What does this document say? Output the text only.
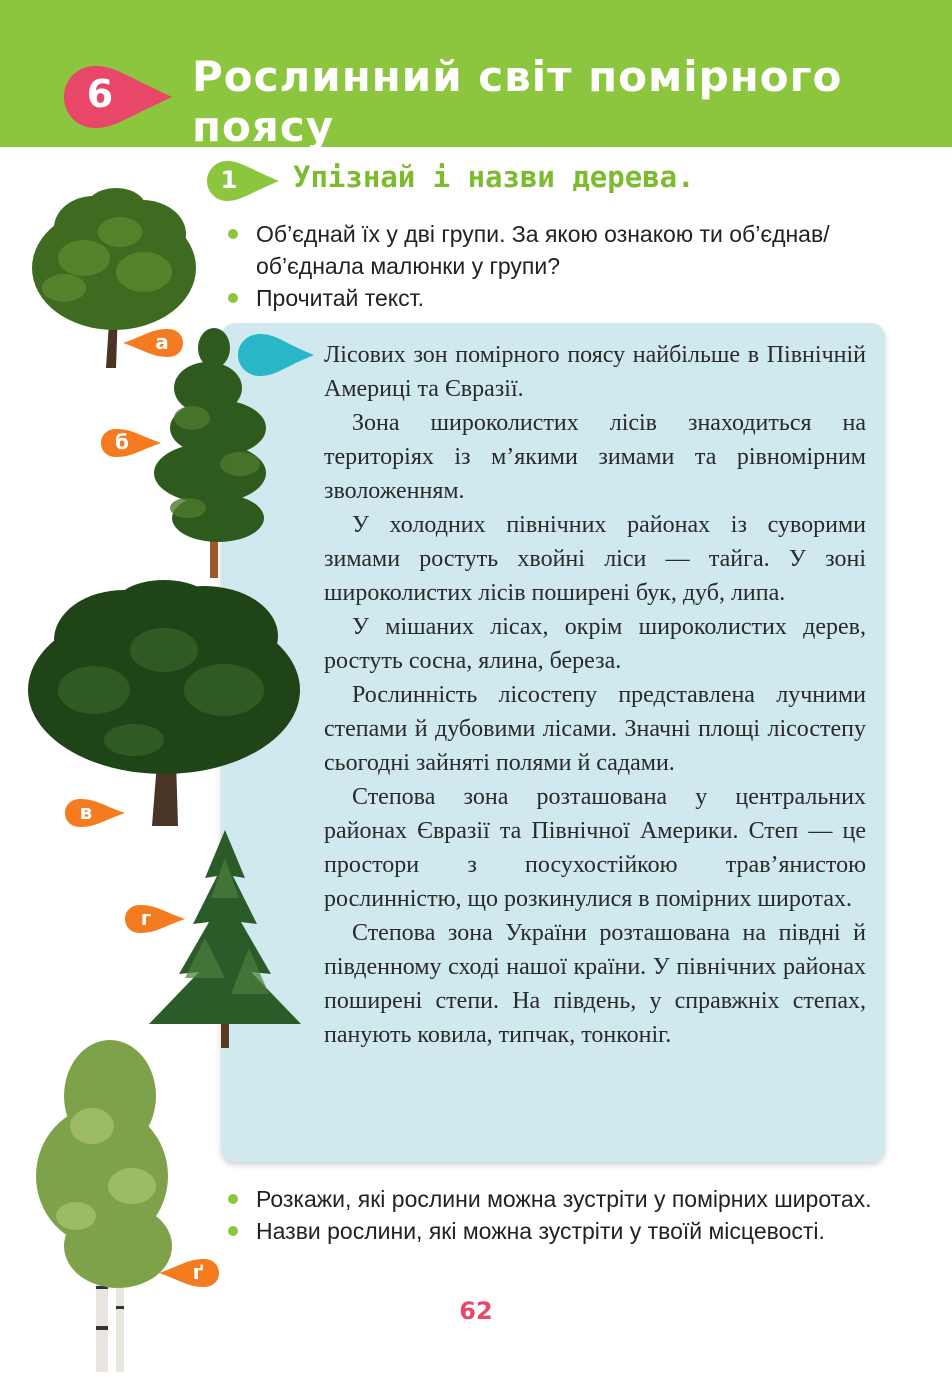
6 Рослинний світ помірного поясу
1 Упізнай і назви дерева.
Об’єднай їх у дві групи. За якою ознакою ти об’єднав/об’єднала малюнки у групи?
Прочитай текст.

Лісових зон помірного поясу найбільше в Північній Америці та Євразії.

Зона широколистих лісів знаходиться на територіях із м’якими зимами та рівномірним зволоженням.

У холодних північних районах із суворими зимами ростуть хвойні ліси — тайга. У зоні широколистих лісів поширені бук, дуб, липа.

У мішаних лісах, окрім широколистих дерев, ростуть сосна, ялина, береза.

Рослинність лісостепу представлена лучними степами й дубовими лісами. Значні площі лісостепу сьогодні зайняті полями й садами.

Степова зона розташована у центральних районах Євразії та Північної Америки. Степ — це простори з посухостійкою трав’янистою рослинністю, що розкинулися в помірних широтах.

Степова зона України розташована на півдні й південному сході нашої країни. У північних районах поширені степи. На південь, у справжніх степах, панують ковила, типчак, тонконіг.

а
б
в
г
ґ
Розкажи, які рослини можна зустріти у помірних широтах.
Назви рослини, які можна зустріти у твоїй місцевості.
62
